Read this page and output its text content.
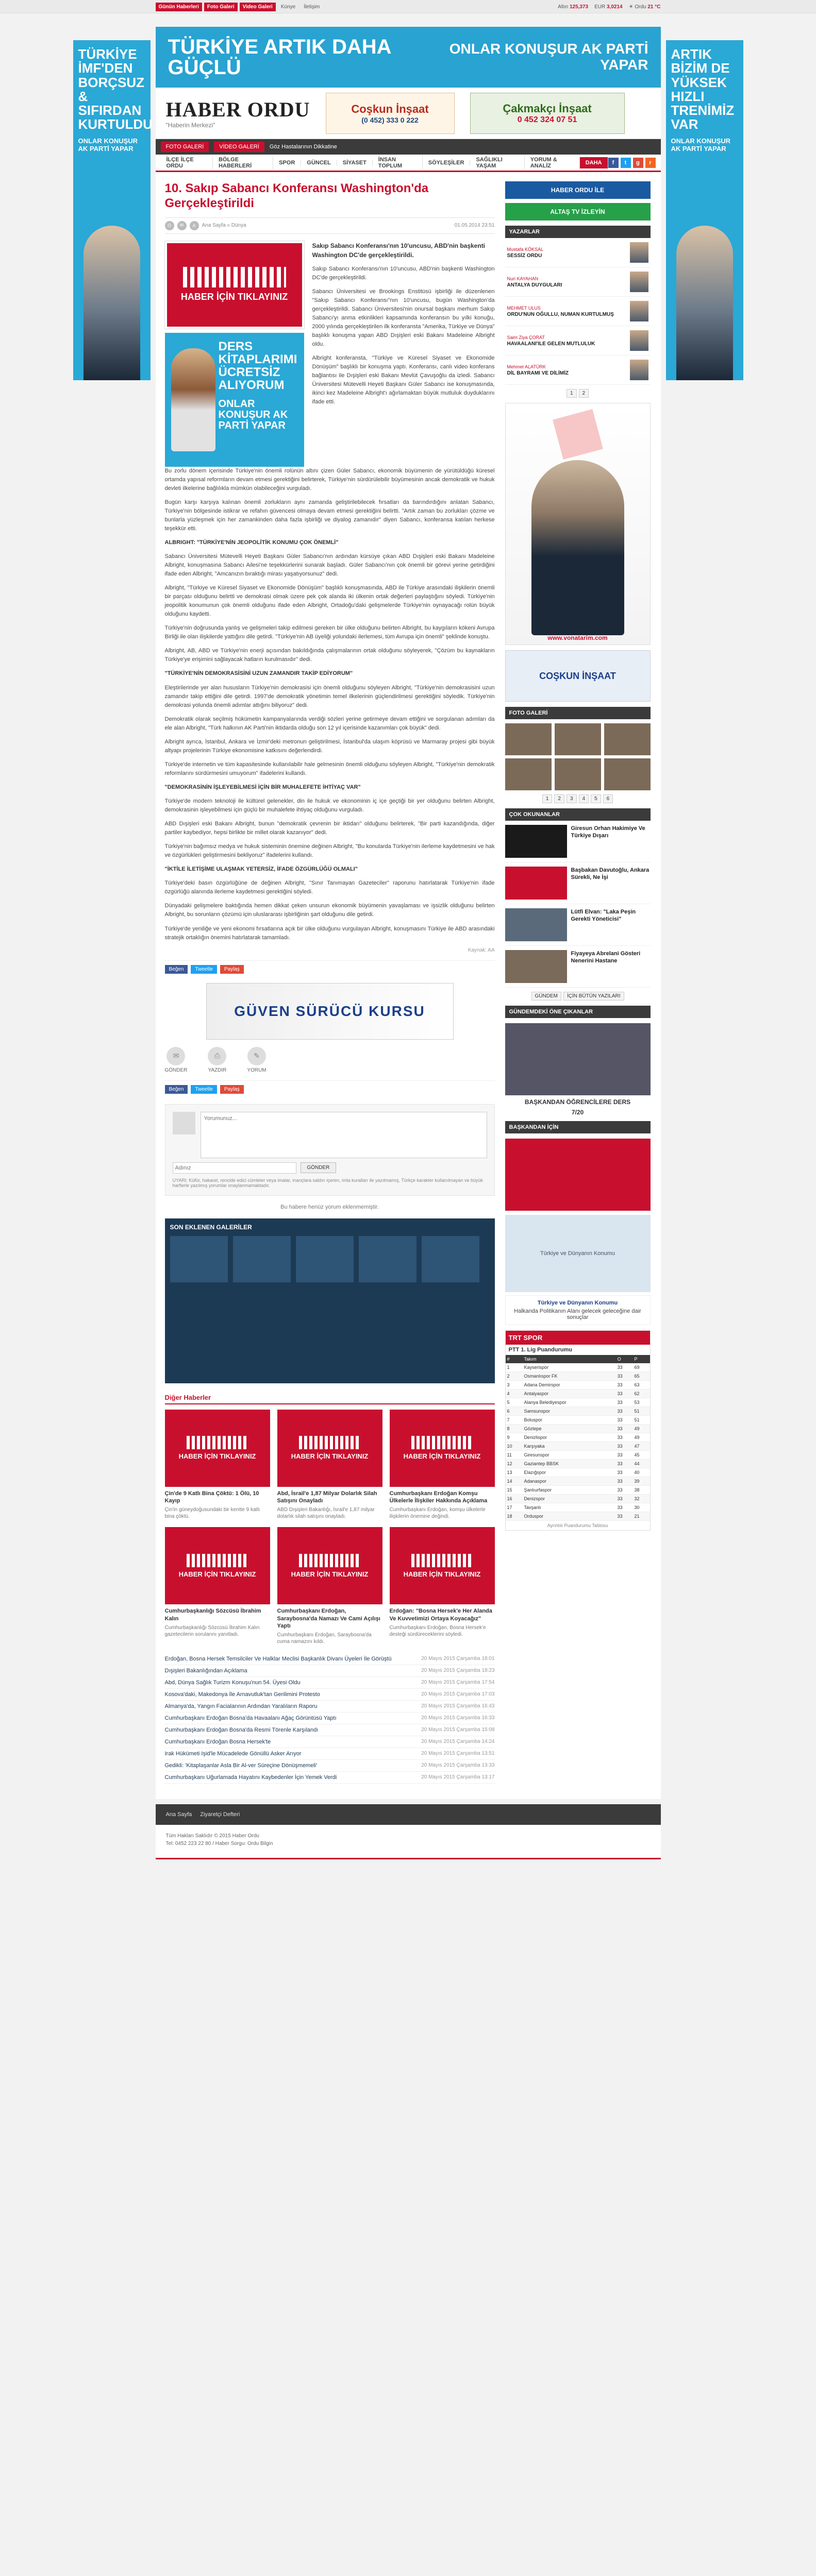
Günün Haberleri	Foto Galeri	Video Galeri	Künye	İletişim	Altın 125,373 EUR 3,0214 ☀ Ordu 21 °C
TÜRKİYE İMF'DEN BORÇSUZ & SIFIRDAN KURTULDU
ONLAR KONUŞUR AK PARTİ YAPAR
ARTIK BİZİM DE YÜKSEK HIZLI TRENİMİZ VAR
ONLAR KONUŞUR AK PARTİ YAPAR
TÜRKİYE ARTIK DAHA GÜÇLÜ
ONLAR KONUŞUR AK PARTİ YAPAR
HABER ORDU
"Haberin Merkezi"
Coşkun İnşaat
(0 452) 333 0 222
Çakmakçı İnşaat
0 452 324 07 51
FOTO GALERİ	VİDEO GALERİ	Göz Hastalarının Dikkatine
İLÇE İLÇE ORDU
BÖLGE HABERLERİ	SPOR	GÜNCEL	SİYASET	İNSAN TOPLUM	SÖYLEŞİLER	SAĞLIKLI YAŞAM
YORUM & ANALİZ	DAHA	f	t	g	r
10. Sakıp Sabancı Konferansı Washington'da Gerçekleştirildi
⎙	✉	A	Ana Sayfa » Dünya	01.05.2014 23:51
HABER İÇİN TIKLAYINIZ
DERS KİTAPLARIMI ÜCRETSİZ ALIYORUM
ONLAR KONUŞUR AK PARTİ YAPAR

Sakıp Sabancı Konferansı'nın 10'uncusu, ABD'nin başkenti Washington DC'de gerçekleştirildi.

Sakıp Sabancı Konferansı'nın 10'uncusu, ABD'nin başkenti Washington DC'de gerçekleştirildi.

Sabancı Üniversitesi ve Brookings Enstitüsü işbirliği ile düzenlenen "Sakıp Sabancı Konferansı"nın 10'uncusu, bugün Washington'da gerçekleştirildi. Sabancı Üniversitesi'nin onursal başkanı merhum Sakıp Sabancı'yı anma etkinlikleri kapsamında konferansın bu yılki konuğu, 2000 yılında gerçekleştirilen ilk konferansta "Amerika, Türkiye ve Dünya" başlıklı konuşma yapan ABD Dışişleri eski Bakanı Madeleine Albright oldu.

Albright konferansta, "Türkiye ve Küresel Siyaset ve Ekonomide Dönüşüm" başlıklı bir konuşma yaptı. Konferansı, canlı video konferans bağlantısı ile Dışişleri eski Bakanı Mevlüt Çavuşoğlu da izledi. Sabancı Üniversitesi Mütevelli Heyeti Başkanı Güler Sabancı ise konuşmasında, ikinci kez Madeleine Albright'ı ağırlamaktan büyük mutluluk duyduklarını ifade etti.

Bu zorlu dönem içerisinde Türkiye'nin önemli rolünün altını çizen Güler Sabancı, ekonomik büyümenin de yürütüldüğü küresel ortamda yapısal reformların devam etmesi gerektiğini belirterek, Türkiye'nin sürdürülebilir büyümesinin ancak demokratik ve hukuk devleti ilkelerine bağlılıkla mümkün olabileceğini vurguladı.

Bugün karşı karşıya kalınan önemli zorlukların aynı zamanda geliştirilebilecek fırsatları da barındırdığını anlatan Sabancı, Türkiye'nin bölgesinde istikrar ve refahın güvencesi olmaya devam etmesi gerektiğini belirtti. "Artık zaman bu zorlukları çözme ve bunlarla yüzleşmek için her zamankinden daha fazla işbirliği ve diyalog zamanıdır" diyen Sabancı, konferansa katılan herkese teşekkür etti.

ALBRIGHT: "TÜRKİYE'NİN JEOPOLİTİK KONUMU ÇOK ÖNEMLİ"

Sabancı Üniversitesi Mütevelli Heyeti Başkanı Güler Sabancı'nın ardından kürsüye çıkan ABD Dışişleri eski Bakanı Madeleine Albright, konuşmasına Sabancı Ailesi'ne teşekkürlerini sunarak başladı. Güler Sabancı'nın çok önemli bir görevi yerine getirdiğini ifade eden Albright, "Amcanızın bıraktığı mirası yaşatıyorsunuz" dedi.

Albright, "Türkiye ve Küresel Siyaset ve Ekonomide Dönüşüm" başlıklı konuşmasında, ABD ile Türkiye arasındaki ilişkilerin önemli bir parçası olduğunu belirtti ve demokrasi olmak üzere pek çok alanda iki ülkenin ortak değerleri paylaştığını söyledi. Türkiye'nin jeopolitik konumunun çok önemli olduğunu ifade eden Albright, Ortadoğu'daki gelişmelerde Türkiye'nin oynayacağı rolün büyük olduğunu kaydetti.

Türkiye'nin doğrusunda yanlış ve gelişmeleri takip edilmesi gereken bir ülke olduğunu belirten Albright, bu kaygıların kökeni Avrupa Birliği ile olan ilişkilerde yattığını dile getirdi. "Türkiye'nin AB üyeliği yolundaki ilerlemesi, tüm Avrupa için önemli" şeklinde konuştu.

Albright, AB, ABD ve Türkiye'nin enerji açısından bakıldığında çalışmalarının ortak olduğunu söyleyerek, "Çözüm bu kaynakların Türkiye'ye erişimini sağlayacak hatların kurulmasıdır" dedi.

"TÜRKİYE'NİN DEMOKRASİSİNİ UZUN ZAMANDIR TAKİP EDİYORUM"

Eleştirilerinde yer alan hususların Türkiye'nin demokrasisi için önemli olduğunu söyleyen Albright, "Türkiye'nin demokrasisini uzun zamandır takip ettiğini dile getirdi. 1997'de demokratik yönetimin temel ilkelerinin güçlendirilmesi gerektiğini söyledik. Türkiye'nin demokrasi yolunda önemli adımlar attığını biliyoruz" dedi.

Demokratik olarak seçilmiş hükümetin kampanyalarında verdiği sözleri yerine getirmeye devam ettiğini ve sorgulanan adımları da ele alan Albright, "Türk halkının AK Parti'nin iktidarda olduğu son 12 yıl içerisinde kazanımları çok büyük" dedi.

Albright ayrıca, İstanbul, Ankara ve İzmir'deki metronun geliştirilmesi, İstanbul'da ulaşım köprüsü ve Marmaray projesi gibi büyük altyapı projelerinin Türkiye ekonomisine katkısını değerlendirdi.

Türkiye'de internetin ve tüm kapasitesinde kullanılabilir hale gelmesinin önemli olduğunu söyleyen Albright, "Türkiye'nin demokratik reformlarını sürdürmesini umuyorum" ifadelerini kullandı.

"DEMOKRASİNİN İŞLEYEBİLMESİ İÇİN BİR MUHALEFETE İHTİYAÇ VAR"

Türkiye'de modern teknoloji ile kültürel gelenekler, din ile hukuk ve ekonominin iç içe geçtiği bir yer olduğunu belirten Albright, demokrasinin işleyebilmesi için güçlü bir muhalefete ihtiyaç olduğunu vurguladı.

ABD Dışişleri eski Bakanı Albright, bunun "demokratik çevrenin bir iktidarı" olduğunu belirterek, "Bir parti kazandığında, diğer partiler kaybediyor, hepsi birlikte bir millet olarak kazanıyor" dedi.

Türkiye'nin bağımsız medya ve hukuk sisteminin önemine değinen Albright, "Bu konularda Türkiye'nin ilerleme kaydetmesini ve hak ve özgürlükleri geliştirmesini bekliyoruz" ifadelerini kullandı.

"İKTİLE İLETİŞİME ULAŞMAK YETERSİZ, İFADE ÖZGÜRLÜĞÜ OLMALI"

Türkiye'deki basın özgürlüğüne de değinen Albright, "Sınır Tanımayan Gazeteciler" raporunu hatırlatarak Türkiye'nin ifade özgürlüğü alanında ilerleme kaydetmesi gerektiğini söyledi.

Dünyadaki gelişmelere baktığında hemen dikkat çeken unsurun ekonomik büyümenin yavaşlaması ve işsizlik olduğunu belirten Albright, bu sorunların çözümü için uluslararası işbirliğinin şart olduğunu dile getirdi.

Türkiye'de yeniliğe ve yeni ekonomi fırsatlarına açık bir ülke olduğunu vurgulayan Albright, konuşmasını Türkiye ile ABD arasındaki stratejik ortaklığın önemini hatırlatarak tamamladı.

Kaynak: AA
Beğen	Tweetle	Paylaş
GÜVEN SÜRÜCÜ KURSU
✉
GÖNDER
⎙
YAZDIR
✎
YORUM
Beğen	Tweetle	Paylaş
Yorumunuz...
Adınız
GÖNDER
UYARI: Küfür, hakaret, rencide edici cümleler veya imalar, inançlara saldırı içeren, imla kuralları ile yazılmamış, Türkçe karakter kullanılmayan ve büyük harflerle yazılmış yorumlar onaylanmamaktadır.
Bu habere henüz yorum eklenmemiştir.
SON EKLENEN GALERİLER
Diğer Haberler
HABER İÇİN TIKLAYINIZ
Çin'de 9 Katlı Bina Çöktü: 1 Ölü, 10 Kayıp
Çin'in güneydoğusundaki bir kentte 9 katlı bina çöktü.
HABER İÇİN TIKLAYINIZ
Abd, İsrail'e 1,87 Milyar Dolarlık Silah Satışını Onayladı
ABD Dışişleri Bakanlığı, İsrail'e 1,87 milyar dolarlık silah satışını onayladı.
HABER İÇİN TIKLAYINIZ
Cumhurbaşkanı Erdoğan Komşu Ülkelerle İlişkiler Hakkında Açıklama
Cumhurbaşkanı Erdoğan, komşu ülkelerle ilişkilerin önemine değindi.
HABER İÇİN TIKLAYINIZ
Cumhurbaşkanlığı Sözcüsü İbrahim Kalın
Cumhurbaşkanlığı Sözcüsü İbrahim Kalın gazetecilerin sorularını yanıtladı.
HABER İÇİN TIKLAYINIZ
Cumhurbaşkanı Erdoğan, Saraybosna'da Namazı Ve Cami Açılışı Yaptı
Cumhurbaşkanı Erdoğan, Saraybosna'da cuma namazını kıldı.
HABER İÇİN TIKLAYINIZ
Erdoğan: "Bosna Hersek'e Her Alanda Ve Kuvvetimizi Ortaya Koyacağız"
Cumhurbaşkanı Erdoğan, Bosna Hersek'e desteği sürdüreceklerini söyledi.
Erdoğan, Bosna Hersek Temsilciler Ve Halklar Meclisi Başkanlık Divanı Üyeleri İle Görüştü	20 Mayıs 2015 Çarşamba 18:01
Dışişleri Bakanlığından Açıklama	20 Mayıs 2015 Çarşamba 18:23
Abd, Dünya Sağlık Turizm Konuşu'nun 54. Üyesi Oldu	20 Mayıs 2015 Çarşamba 17:54
Kosova'daki, Makedonya İle Arnavutluk'tan Gerilimini Protesto	20 Mayıs 2015 Çarşamba 17:03
Almanya'da, Yangın Facialarının Ardından Yaralıların Raporu	20 Mayıs 2015 Çarşamba 16:43
Cumhurbaşkanı Erdoğan Bosna'da Havaalanı Ağaç Görüntüsü Yaptı	20 Mayıs 2015 Çarşamba 16:33
Cumhurbaşkanı Erdoğan Bosna'da Resmi Törenle Karşılandı	20 Mayıs 2015 Çarşamba 15:08
Cumhurbaşkanı Erdoğan Bosna Hersek'te	20 Mayıs 2015 Çarşamba 14:24
Irak Hükümeti Işid'le Mücadelede Gönüllü Asker Arıyor	20 Mayıs 2015 Çarşamba 13:51
Gedikli: 'Kitaplaşanlar Asla Bir Al-ver Süreçine Dönüşmemeli'	20 Mayıs 2015 Çarşamba 13:33
Cumhurbaşkanı Uğurlamada Hayatını Kaybedenler İçin Yemek Verdi	20 Mayıs 2015 Çarşamba 13:17
HABER ORDU İLE
ALTAŞ TV İZLEYİN
YAZARLAR
Mustafa KÖKSAL
SESSİZ ORDU
Nuri KAYAHAN
ANTALYA DUYGULARI
MEHMET ULUS
ORDU'NUN OĞULLU, NUMAN KURTULMUŞ
Saim Ziya ÇORAT
HAVAALANI'ILE GELEN MUTLULUK
Mehmet ALATÜRK
DİL BAYRAMI VE DİLİMİZ
1	2
www.vonatarim.com
COŞKUN İNŞAAT
FOTO GALERİ
1	2	3	4	5	6
ÇOK OKUNANLAR
Giresun Orhan Hakimiye Ve Türkiye Dışarı
Başbakan Davutoğlu, Ankara Sürekli, Ne İşi
Lütfi Elvan: "Laka Peşin Gerekti Yöneticisi"
Fiyayeya Abrelani Gösteri Nenerini Hastane
GÜNDEM	İÇİN BÜTÜN YAZILARI
GÜNDEMDEKİ ÖNE ÇIKANLAR
BAŞKANDAN ÖĞRENCİLERE DERS
7/20
BAŞKANDAN İÇİN
Türkiye ve Dünyanın Konumu
Türkiye ve Dünyanın Konumu
Halkanda Politikanın Alanı gelecek geleceğine dair sonuçlar
TRT SPOR
PTT 1. Lig Puandurumu
#	Takım	O	P
1	Kayserispor	33	69
2	Osmanlıspor FK	33	65
3	Adana Demirspor	33	63
4	Antalyaspor	33	62
5	Alanya Belediyespor	33	53
6	Samsunspor	33	51
7	Boluspor	33	51
8	Göztepe	33	49
9	Denizlispor	33	49
10	Karşıyaka	33	47
11	Giresunspor	33	45
12	Gaziantep BBSK	33	44
13	Elazığspor	33	40
14	Adanaspor	33	39
15	Şanlıurfaspor	33	38
16	Denizspor	33	32
17	Tavşanlı	33	30
18	Orduspor	33	21
Ayrıntılı Puandurumu Tablosu
Ana Sayfa Ziyaretçi Defteri
Tüm Hakları Saklıdır © 2015 Haber Ordu
Tel: 0452 223 22 80 / Haber Sorgu: Ordu Bilgin
